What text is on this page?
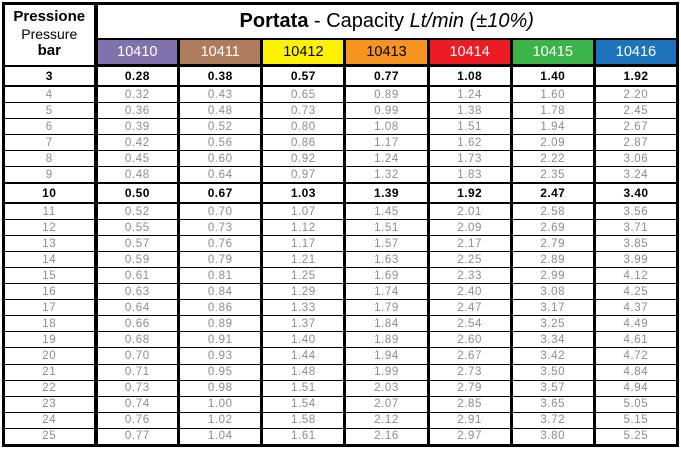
Pressione
Pressure
bar	Portata - Capacity Lt/min (±10%)						
	10410	10411	10412	10413	10414	10415	10416
3	0.28	0.38	0.57	0.77	1.08	1.40	1.92
4	0.32	0.43	0.65	0.89	1.24	1.60	2.20
5	0.36	0.48	0.73	0.99	1.38	1.78	2.45
6	0.39	0.52	0.80	1.08	1.51	1.94	2.67
7	0.42	0.56	0.86	1.17	1.62	2.09	2.87
8	0.45	0.60	0.92	1.24	1.73	2.22	3.06
9	0.48	0.64	0.97	1.32	1.83	2.35	3.24
10	0.50	0.67	1.03	1.39	1.92	2.47	3.40
11	0.52	0.70	1.07	1.45	2.01	2.58	3.56
12	0.55	0.73	1.12	1.51	2.09	2.69	3.71
13	0.57	0.76	1.17	1.57	2.17	2.79	3.85
14	0.59	0.79	1.21	1.63	2.25	2.89	3.99
15	0.61	0.81	1.25	1.69	2.33	2.99	4.12
16	0.63	0.84	1.29	1.74	2.40	3.08	4.25
17	0.64	0.86	1.33	1.79	2.47	3.17	4.37
18	0.66	0.89	1.37	1.84	2.54	3.25	4.49
19	0.68	0.91	1.40	1.89	2.60	3.34	4.61
20	0.70	0.93	1.44	1.94	2.67	3.42	4.72
21	0.71	0.95	1.48	1.99	2.73	3.50	4.84
22	0.73	0.98	1.51	2.03	2.79	3.57	4.94
23	0.74	1.00	1.54	2.07	2.85	3.65	5.05
24	0.76	1.02	1.58	2.12	2.91	3.72	5.15
25	0.77	1.04	1.61	2.16	2.97	3.80	5.25
